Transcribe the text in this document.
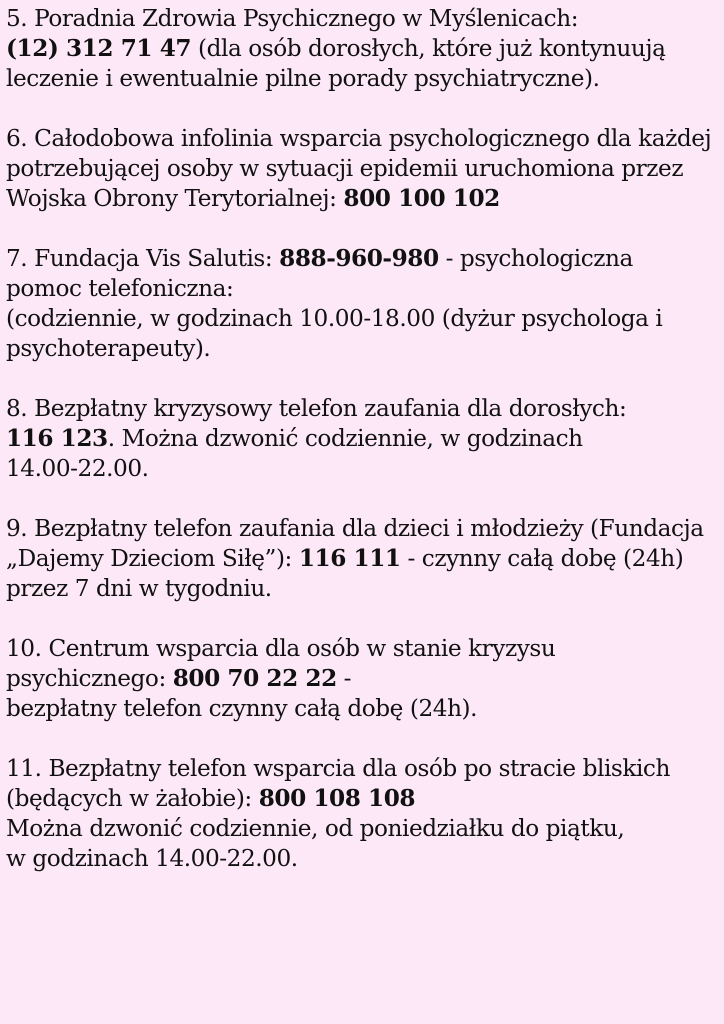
5. Poradnia Zdrowia Psychicznego w Myślenicach:
(12) 312 71 47 (dla osób dorosłych, które już kontynuują
leczenie i ewentualnie pilne porady psychiatryczne).

6. Całodobowa infolinia wsparcia psychologicznego dla każdej
potrzebującej osoby w sytuacji epidemii uruchomiona przez
Wojska Obrony Terytorialnej: 800 100 102

7. Fundacja Vis Salutis: 888-960-980 - psychologiczna
pomoc telefoniczna:
(codziennie, w godzinach 10.00-18.00 (dyżur psychologa i
psychoterapeuty).

8. Bezpłatny kryzysowy telefon zaufania dla dorosłych:
116 123. Można dzwonić codziennie, w godzinach
14.00-22.00.

9. Bezpłatny telefon zaufania dla dzieci i młodzieży (Fundacja
„Dajemy Dzieciom Siłę”): 116 111 - czynny całą dobę (24h)
przez 7 dni w tygodniu.

10. Centrum wsparcia dla osób w stanie kryzysu
psychicznego: 800 70 22 22 -
bezpłatny telefon czynny całą dobę (24h).

11. Bezpłatny telefon wsparcia dla osób po stracie bliskich
(będących w żałobie): 800 108 108
Można dzwonić codziennie, od poniedziałku do piątku,
w godzinach 14.00-22.00.
